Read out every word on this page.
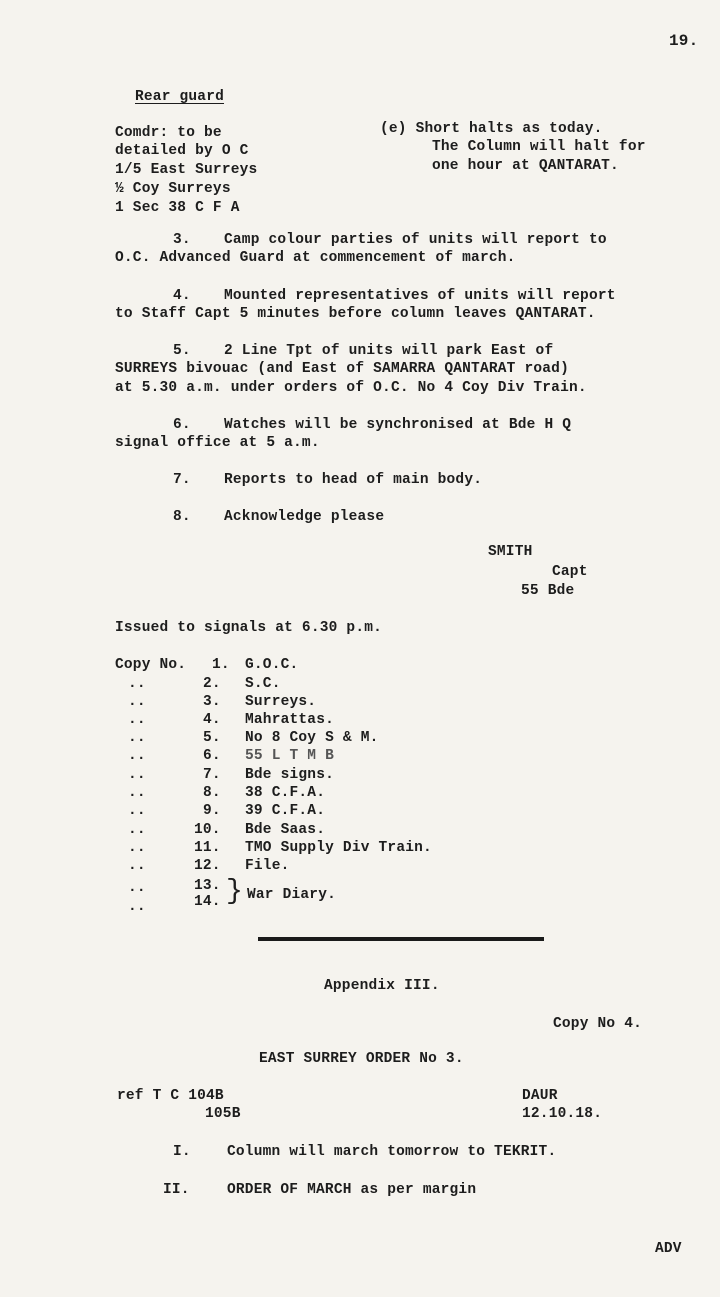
19.
Rear guard
Comdr: to be
detailed by O C
1/5 East Surreys
½ Coy Surreys
1 Sec 38 C F A
(e) Short halts as today.
The Column will halt for
one hour at QANTARAT.
3. Camp colour parties of units will report to
O.C. Advanced Guard at commencement of march.
4. Mounted representatives of units will report
to Staff Capt 5 minutes before column leaves QANTARAT.
5. 2 Line Tpt of units will park East of
SURREYS bivouac (and East of SAMARRA QANTARAT road)
at 5.30 a.m. under orders of O.C. No 4 Coy Div Train.
6. Watches will be synchronised at Bde H Q
signal office at 5 a.m.
7. Reports to head of main body.
8. Acknowledge please
SMITH
Capt
55 Bde
Issued to signals at 6.30 p.m.
Copy No. 1. G.O.C.
..	2. S.C.
..	3. Surreys.
..	4. Mahrattas.
..	5. No 8 Coy S & M.
..	6. 55 L T M B
..	7. Bde signs.
..	8. 38 C.F.A.
..	9. 39 C.F.A.
..	10. Bde Saas.
..	11. TMO Supply Div Train.
..	12. File.
..	13.
..	14. } War Diary.
Appendix III.
Copy No 4.
EAST SURREY ORDER No 3.
ref T C 104B
105B
DAUR
12.10.18.
I. Column will march tomorrow to TEKRIT.
II.	ORDER OF MARCH as per margin
ADV
